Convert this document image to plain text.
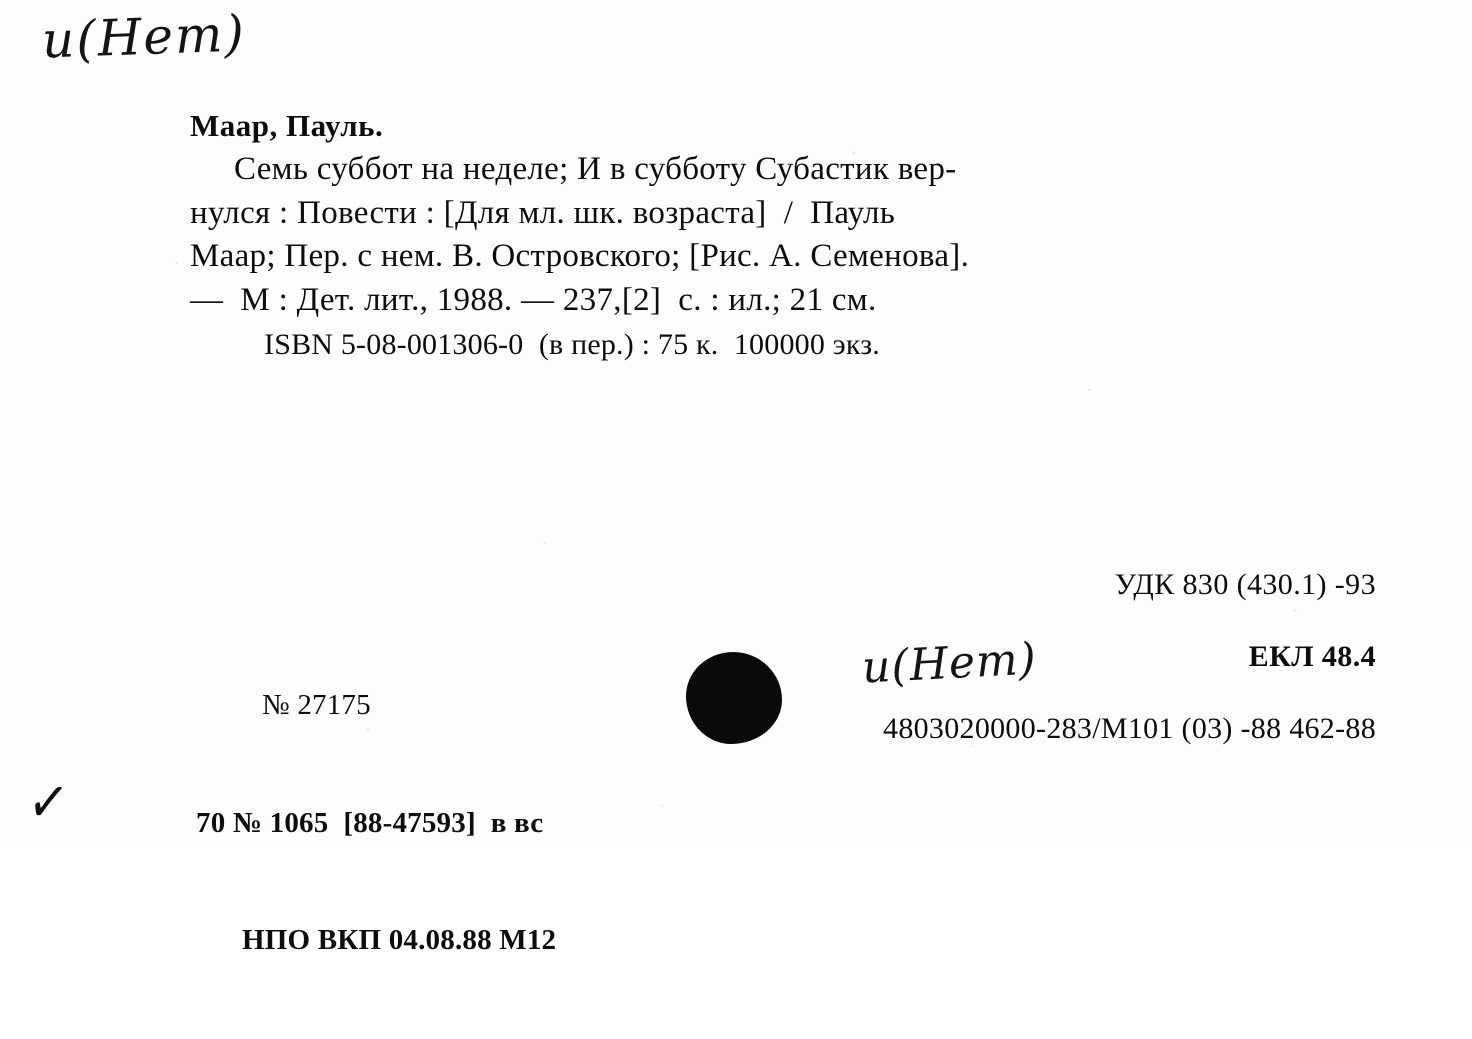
и(Неm)
Маар, Пауль.
Семь суббот на неделе; И в субботу Субастик вер-
нулся : Повести : [Для мл. шк. возраста]  /  Пауль
Маар; Пер. с нем. В. Островского; [Рис. А. Семенова].
—  М : Дет. лит., 1988. — 237,[2]  с. : ил.; 21 см.
ISBN 5-08-001306-0  (в пер.) : 75 к.  100000 экз.

№ 27175

70 № 1065  [88-47593]  в вс

НПО ВКП 04.08.88 М12

и(Неm)
УДК 830 (430.1) -93
ЕКЛ 48.4
4803020000-283/М101 (03) -88 462-88
✓
